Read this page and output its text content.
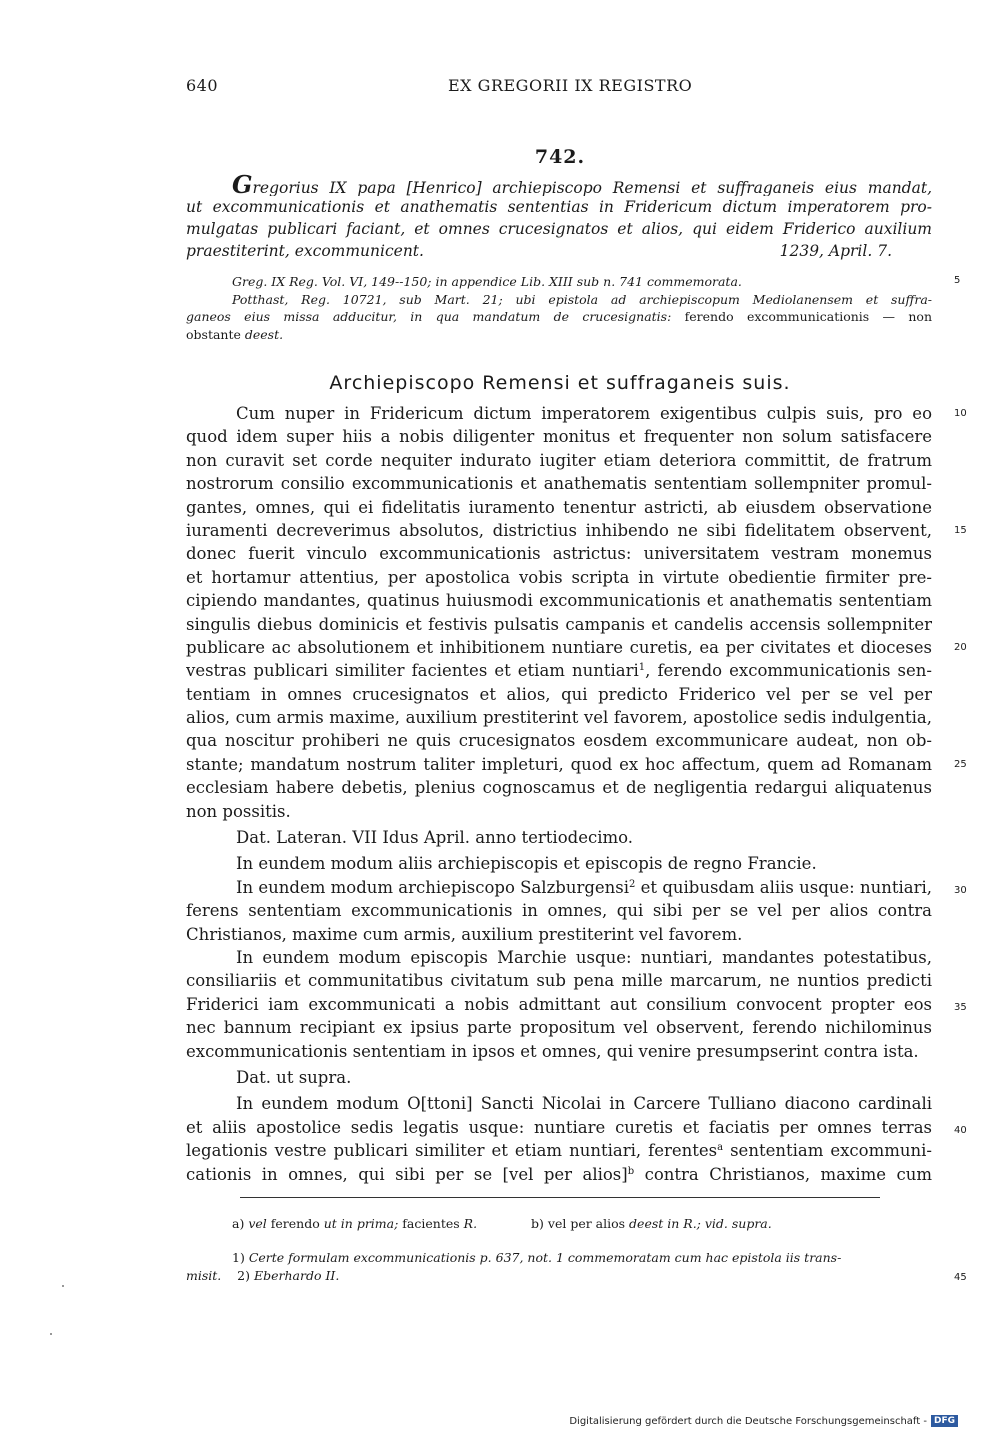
640	EX GREGORII IX REGISTRO
742.
Gregorius IX papa [Henrico] archiepiscopo Remensi et suffraganeis eius mandat,
ut excommunicationis et anathematis sententias in Fridericum dictum imperatorem pro-
mulgatas publicari faciant, et omnes crucesignatos et alios, qui eidem Friderico auxilium
praestiterint, excommunicent.	1239, April. 7.
Greg. IX Reg. Vol. VI, 149--150; in appendice Lib. XIII sub n. 741 commemorata.
Potthast, Reg. 10721, sub Mart. 21; ubi epistola ad archiepiscopum Mediolanensem et suffra-
ganeos eius missa adducitur, in qua mandatum de crucesignatis: ferendo excommunicationis — non
obstante deest.
Archiepiscopo Remensi et suffraganeis suis.
Cum nuper in Fridericum dictum imperatorem exigentibus culpis suis, pro eo
quod idem super hiis a nobis diligenter monitus et frequenter non solum satisfacere
non curavit set corde nequiter indurato iugiter etiam deteriora committit, de fratrum
nostrorum consilio excommunicationis et anathematis sententiam sollempniter promul-
gantes, omnes, qui ei fidelitatis iuramento tenentur astricti, ab eiusdem observatione
iuramenti decreverimus absolutos, districtius inhibendo ne sibi fidelitatem observent,
donec fuerit vinculo excommunicationis astrictus: universitatem vestram monemus
et hortamur attentius, per apostolica vobis scripta in virtute obedientie firmiter pre-
cipiendo mandantes, quatinus huiusmodi excommunicationis et anathematis sententiam
singulis diebus dominicis et festivis pulsatis campanis et candelis accensis sollempniter
publicare ac absolutionem et inhibitionem nuntiare curetis, ea per civitates et dioceses
vestras publicari similiter facientes et etiam nuntiari$^1$, ferendo excommunicationis sen-
tentiam in omnes crucesignatos et alios, qui predicto Friderico vel per se vel per
alios, cum armis maxime, auxilium prestiterint vel favorem, apostolice sedis indulgentia,
qua noscitur prohiberi ne quis crucesignatos eosdem excommunicare audeat, non ob-
stante; mandatum nostrum taliter impleturi, quod ex hoc affectum, quem ad Romanam
ecclesiam habere debetis, plenius cognoscamus et de negligentia redargui aliquatenus
non possitis.
Dat. Lateran. VII Idus April. anno tertiodecimo.
In eundem modum aliis archiepiscopis et episcopis de regno Francie.
In eundem modum archiepiscopo Salzburgensi$^2$ et quibusdam aliis usque: nuntiari,
ferens sententiam excommunicationis in omnes, qui sibi per se vel per alios contra
Christianos, maxime cum armis, auxilium prestiterint vel favorem.
In eundem modum episcopis Marchie usque: nuntiari, mandantes potestatibus,
consiliariis et communitatibus civitatum sub pena mille marcarum, ne nuntios predicti
Friderici iam excommunicati a nobis admittant aut consilium convocent propter eos
nec bannum recipiant ex ipsius parte propositum vel observent, ferendo nichilominus
excommunicationis sententiam in ipsos et omnes, qui venire presumpserint contra ista.
Dat. ut supra.
In eundem modum O[ttoni] Sancti Nicolai in Carcere Tulliano diacono cardinali
et aliis apostolice sedis legatis usque: nuntiare curetis et faciatis per omnes terras
legationis vestre publicari similiter et etiam nuntiari, ferentes$^a$ sententiam excommuni-
cationis in omnes, qui sibi per se [vel per alios]$^b$ contra Christianos, maxime cum
5
10
15
20
25
30
35
40
45
a) vel ferendo ut in prima; facientes R.	b) vel per alios deest in R.; vid. supra.
1) Certe formulam excommunicationis p. 637, not. 1 commemoratam cum hac epistola iis trans-
misit. 2) Eberhardo II.
Digitalisierung gefördert durch die Deutsche Forschungsgemeinschaft - DFG
